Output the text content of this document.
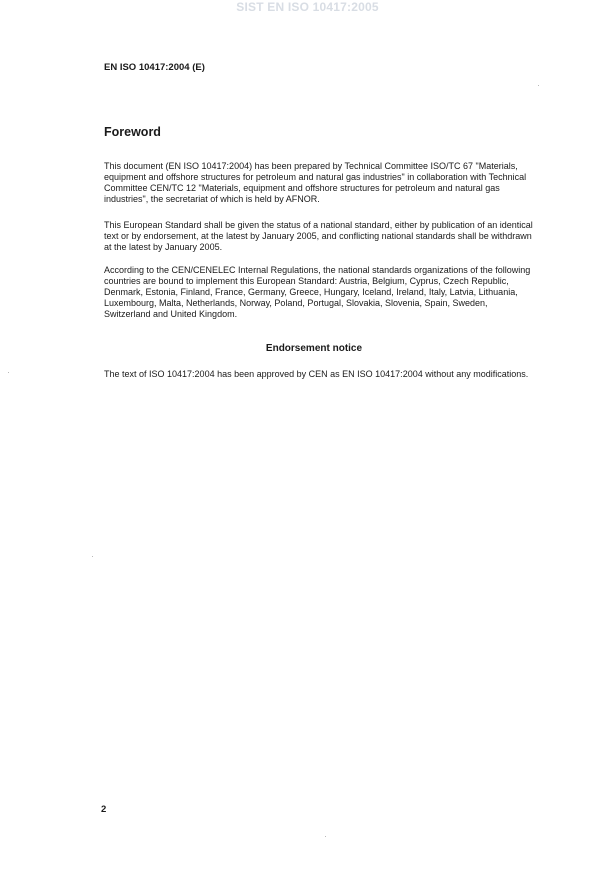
SIST EN ISO 10417:2005

EN ISO 10417:2004 (E)

Foreword

This document (EN ISO 10417:2004) has been prepared by Technical Committee ISO/TC 67 "Materials, equipment and offshore structures for petroleum and natural gas industries" in collaboration with Technical Committee CEN/TC 12 "Materials, equipment and offshore structures for petroleum and natural gas industries", the secretariat of which is held by AFNOR.

This European Standard shall be given the status of a national standard, either by publication of an identical text or by endorsement, at the latest by January 2005, and conflicting national standards shall be withdrawn at the latest by January 2005.

According to the CEN/CENELEC Internal Regulations, the national standards organizations of the following countries are bound to implement this European Standard: Austria, Belgium, Cyprus, Czech Republic, Denmark, Estonia, Finland, France, Germany, Greece, Hungary, Iceland, Ireland, Italy, Latvia, Lithuania, Luxembourg, Malta, Netherlands, Norway, Poland, Portugal, Slovakia, Slovenia, Spain, Sweden, Switzerland and United Kingdom.

Endorsement notice

The text of ISO 10417:2004 has been approved by CEN as EN ISO 10417:2004 without any modifications.

2
